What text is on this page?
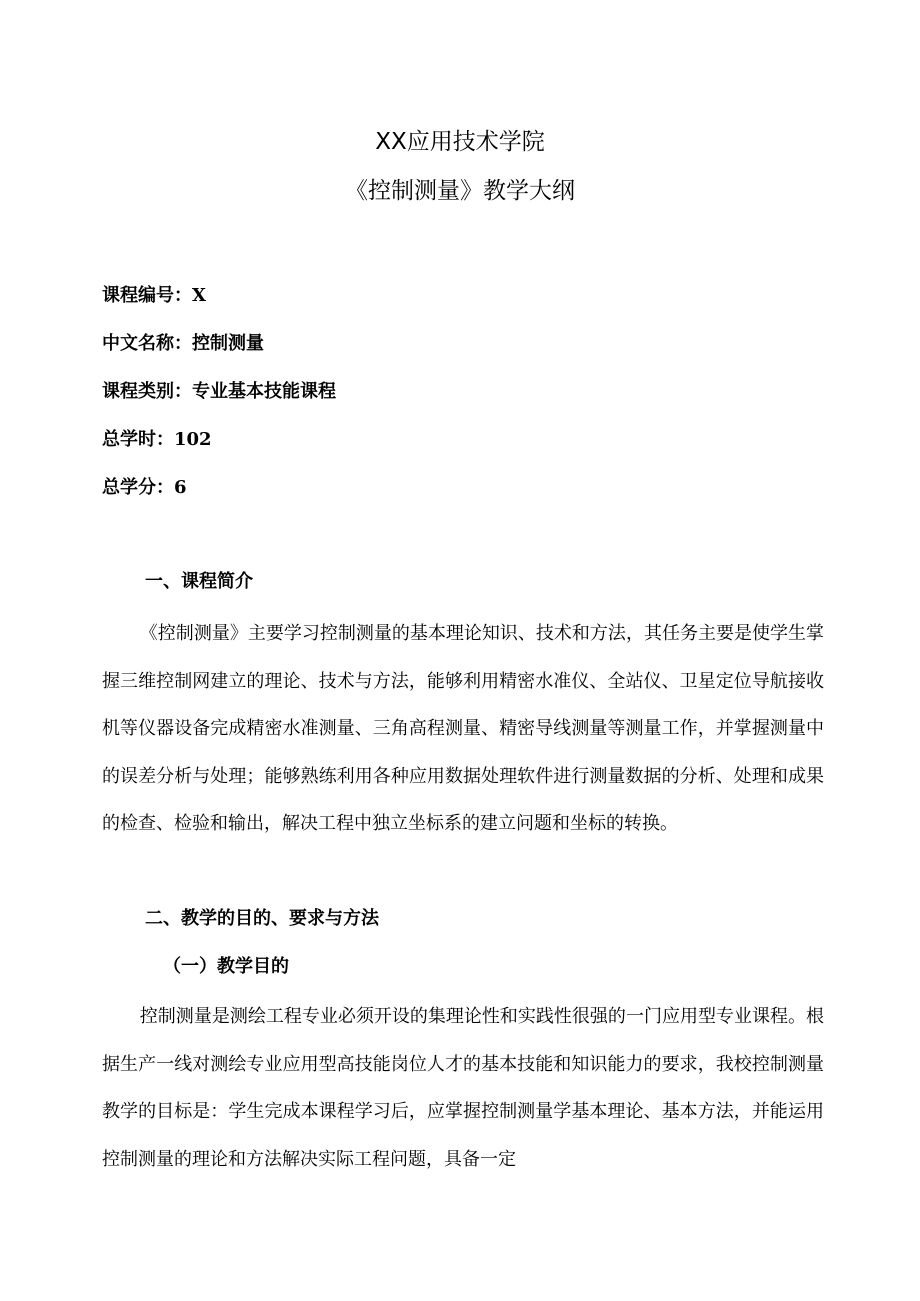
XX应用技术学院
《控制测量》教学大纲
课程编号：X
中文名称：控制测量
课程类别：专业基本技能课程
总学时：102
总学分：6
一、课程简介

《控制测量》主要学习控制测量的基本理论知识、技术和方法，其任务主要是使学生掌握三维控制网建立的理论、技术与方法，能够利用精密水准仪、全站仪、卫星定位导航接收机等仪器设备完成精密水准测量、三角高程测量、精密导线测量等测量工作，并掌握测量中的误差分析与处理；能够熟练利用各种应用数据处理软件进行测量数据的分析、处理和成果的检查、检验和输出，解决工程中独立坐标系的建立问题和坐标的转换。

二、教学的目的、要求与方法
（一）教学目的

控制测量是测绘工程专业必须开设的集理论性和实践性很强的一门应用型专业课程。根据生产一线对测绘专业应用型高技能岗位人才的基本技能和知识能力的要求，我校控制测量教学的目标是：学生完成本课程学习后，应掌握控制测量学基本理论、基本方法，并能运用控制测量的理论和方法解决实际工程问题，具备一定
